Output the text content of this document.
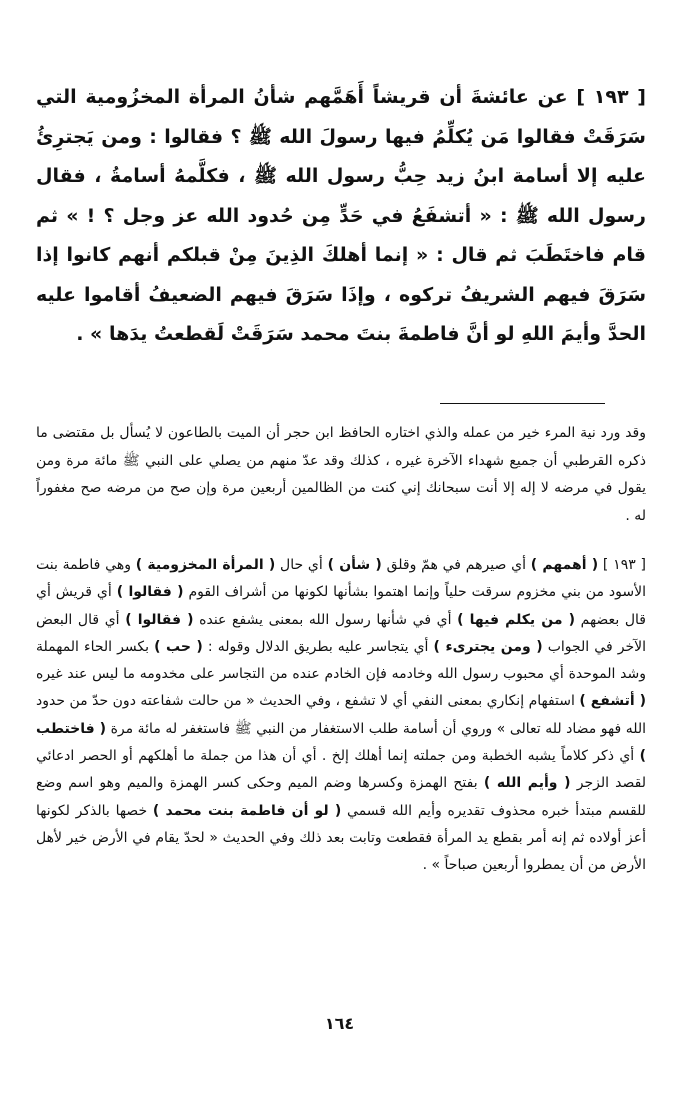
[ ١٩٣ ] عن عائشةَ أن قريشاً أَهَمَّهم شأنُ المرأة المخزُومية التي سَرَقَتْ فقالوا مَن يُكلِّمُ فيها رسولَ الله ﷺ ؟ فقالوا : ومن يَجترِئُ عليه إلا أسامة ابنُ زيد حِبُّ رسول الله ﷺ ، فكلَّمهُ أسامةُ ، فقال رسول الله ﷺ : « أتشفَعُ في حَدٍّ مِن حُدود الله عز وجل ؟ ! » ثم قام فاختَطَبَ ثم قال : « إنما أهلكَ الذِينَ مِنْ قبلكم أنهم كانوا إذا سَرَقَ فيهم الشريفُ تركوه ، وإذَا سَرَقَ فيهم الضعيفُ أقاموا عليه الحدَّ وأيمَ اللهِ لو أنَّ فاطمةَ بنتَ محمد سَرَقَتْ لَقطعتُ يدَها » .
وقد ورد نية المرء خير من عمله والذي اختاره الحافظ ابن حجر أن الميت بالطاعون لا يُسأل بل مقتضى ما ذكره القرطبي أن جميع شهداء الآخرة غيره ، كذلك وقد عدّ منهم من يصلي على النبي ﷺ مائة مرة ومن يقول في مرضه لا إله إلا أنت سبحانك إني كنت من الظالمين أربعين مرة وإن صح من مرضه صح مغفوراً له .
[ ١٩٣ ] ( أهمهم ) أي صيرهم في همّ وقلق ( شأن ) أي حال ( المرأة المخزومية ) وهي فاطمة بنت الأسود من بني مخزوم سرقت حلياً وإنما اهتموا بشأنها لكونها من أشراف القوم ( فقالوا ) أي قريش أي قال بعضهم ( من يكلم فيها ) أي في شأنها رسول الله بمعنى يشفع عنده ( فقالوا ) أي قال البعض الآخر في الجواب ( ومن يجترىء ) أي يتجاسر عليه بطريق الدلال وقوله : ( حب ) بكسر الحاء المهملة وشد الموحدة أي محبوب رسول الله وخادمه فإن الخادم عنده من التجاسر على مخدومه ما ليس عند غيره ( أتشفع ) استفهام إنكاري بمعنى النفي أي لا تشفع ، وفي الحديث « من حالت شفاعته دون حدّ من حدود الله فهو مضاد لله تعالى » وروي أن أسامة طلب الاستغفار من النبي ﷺ فاستغفر له مائة مرة ( فاختطب ) أي ذكر كلاماً يشبه الخطبة ومن جملته إنما أهلك إلخ . أي أن هذا من جملة ما أهلكهم أو الحصر ادعائي لقصد الزجر ( وأيم الله ) بفتح الهمزة وكسرها وضم الميم وحكى كسر الهمزة والميم وهو اسم وضع للقسم مبتدأ خبره محذوف تقديره وأيم الله قسمي ( لو أن فاطمة بنت محمد ) خصها بالذكر لكونها أعز أولاده ثم إنه أمر بقطع يد المرأة فقطعت وتابت بعد ذلك وفي الحديث « لحدّ يقام في الأرض خير لأهل الأرض من أن يمطروا أربعين صباحاً » .
١٦٤
